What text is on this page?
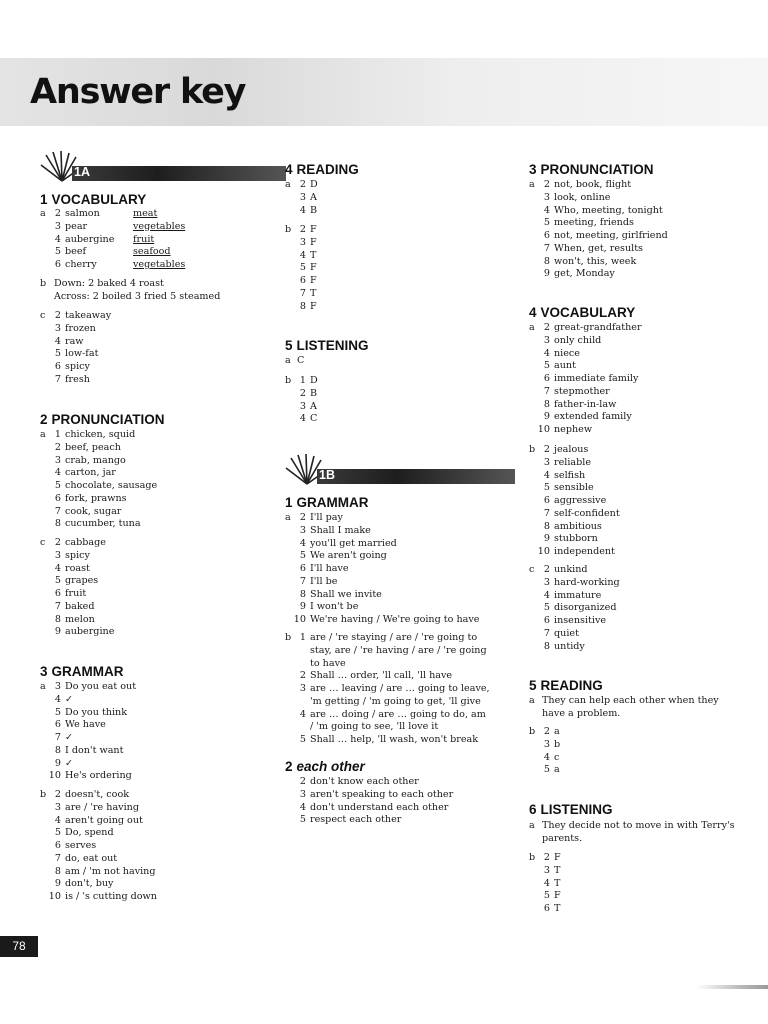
Answer key
1A
1 VOCABULARY
a 2 salmon	meat
3 pear	vegetables
4 aubergine fruit
5 beef	seafood
6 cherry	vegetables
b Down: 2 baked 4 roast
Across: 2 boiled 3 fried 5 steamed
c 2 takeaway
3 frozen
4 raw
5 low-fat
6 spicy
7 fresh
2 PRONUNCIATION
a 1 chicken, squid
2 beef, peach
3 crab, mango
4 carton, jar
5 chocolate, sausage
6 fork, prawns
7 cook, sugar
8 cucumber, tuna
c 2 cabbage
3 spicy
4 roast
5 grapes
6 fruit
7 baked
8 melon
9 aubergine
3 GRAMMAR
a 3 Do you eat out
4 ✓
5 Do you think
6 We have
7 ✓
8 I don't want
9 ✓
10 He's ordering
b 2 doesn't, cook
3 are / 're having
4 aren't going out
5 Do, spend
6 serves
7 do, eat out
8 am / 'm not having
9 don't, buy
10 is / 's cutting down
4 READING
a 2 D
3 A
4 B
b 2 F
3 F
4 T
5 F
6 F
7 T
8 F
5 LISTENING
a C
b 1 D
2 B
3 A
4 C
1B
1 GRAMMAR
a 2 I'll pay
3 Shall I make
4 you'll get married
5 We aren't going
6 I'll have
7 I'll be
8 Shall we invite
9 I won't be
10 We're having / We're going to have
b 1 are / 're staying / are / 're going to stay, are / 're having / are / 're going to have
2 Shall … order, 'll call, 'll have
3 are … leaving / are … going to leave, 'm getting / 'm going to get, 'll give
4 are … doing / are … going to do, am / 'm going to see, 'll love it
5 Shall … help, 'll wash, won't break
2 each other
2 don't know each other
3 aren't speaking to each other
4 don't understand each other
5 respect each other
3 PRONUNCIATION
a 2 not, book, flight
3 look, online
4 Who, meeting, tonight
5 meeting, friends
6 not, meeting, girlfriend
7 When, get, results
8 won't, this, week
9 get, Monday
4 VOCABULARY
a 2 great-grandfather
3 only child
4 niece
5 aunt
6 immediate family
7 stepmother
8 father-in-law
9 extended family
10 nephew
b 2 jealous
3 reliable
4 selfish
5 sensible
6 aggressive
7 self-confident
8 ambitious
9 stubborn
10 independent
c 2 unkind
3 hard-working
4 immature
5 disorganized
6 insensitive
7 quiet
8 untidy
5 READING
a They can help each other when they have a problem.
b 2 a
3 b
4 c
5 a
6 LISTENING
a They decide not to move in with Terry's parents.
b 2 F
3 T
4 T
5 F
6 T
78
